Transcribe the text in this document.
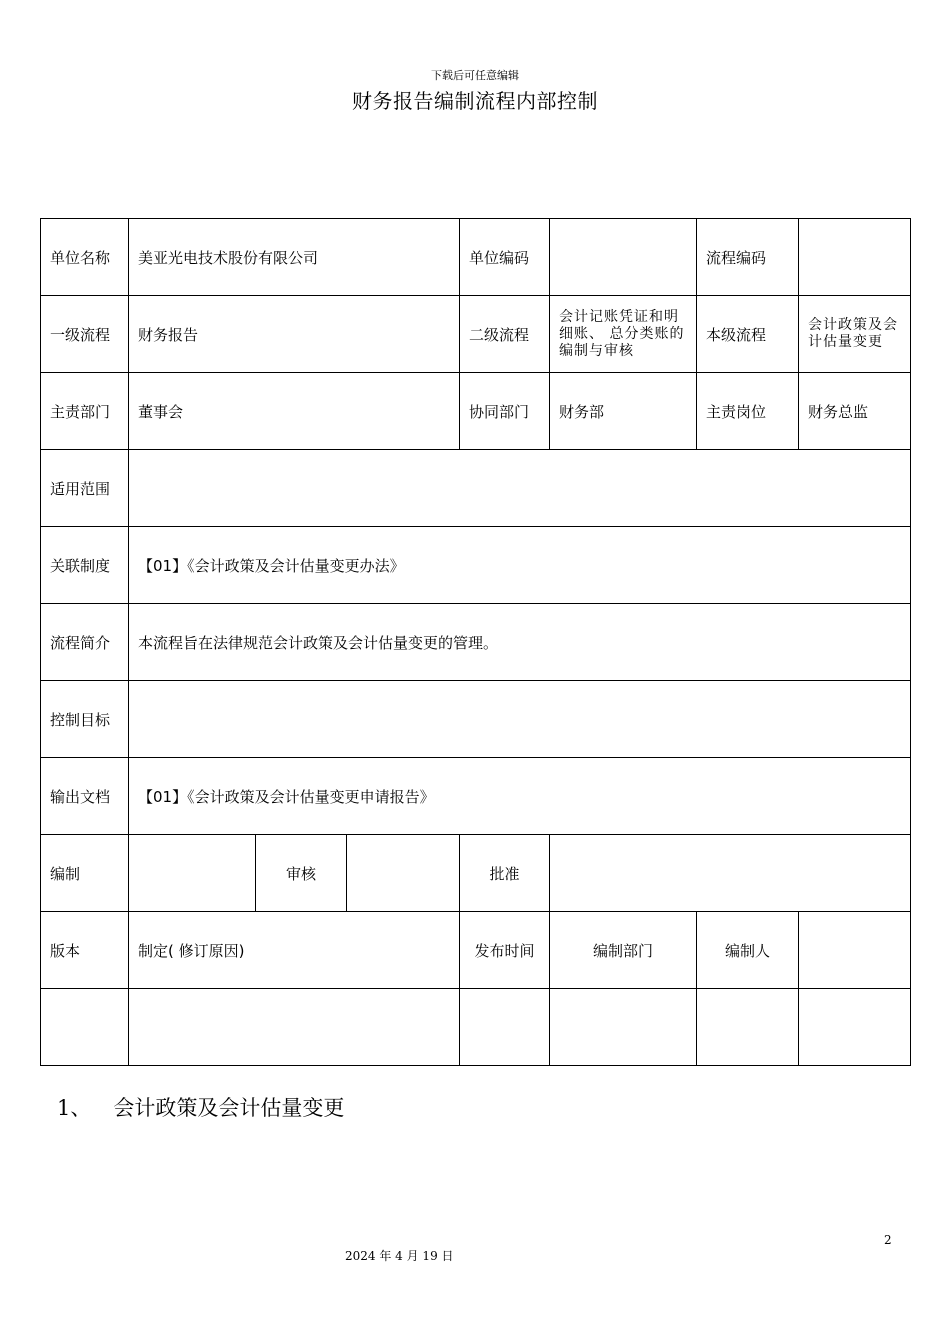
下载后可任意编辑
财务报告编制流程内部控制
单位名称	美亚光电技术股份有限公司			单位编码		流程编码	
一级流程	财务报告			二级流程	会计记账凭证和明细账、 总分类账的编制与审核	本级流程	会计政策及会计估量变更
主责部门	董事会			协同部门	财务部	主责岗位	财务总监
适用范围							
关联制度	【01】《会计政策及会计估量变更办法》						
流程简介	本流程旨在法律规范会计政策及会计估量变更的管理。						
控制目标							
输出文档	【01】《会计政策及会计估量变更申请报告》						
编制		审核		批准			
版本	制定( 修订原因)			发布时间	编制部门	编制人	

1、 会计政策及会计估量变更
2
2024 年 4 月 19 日
